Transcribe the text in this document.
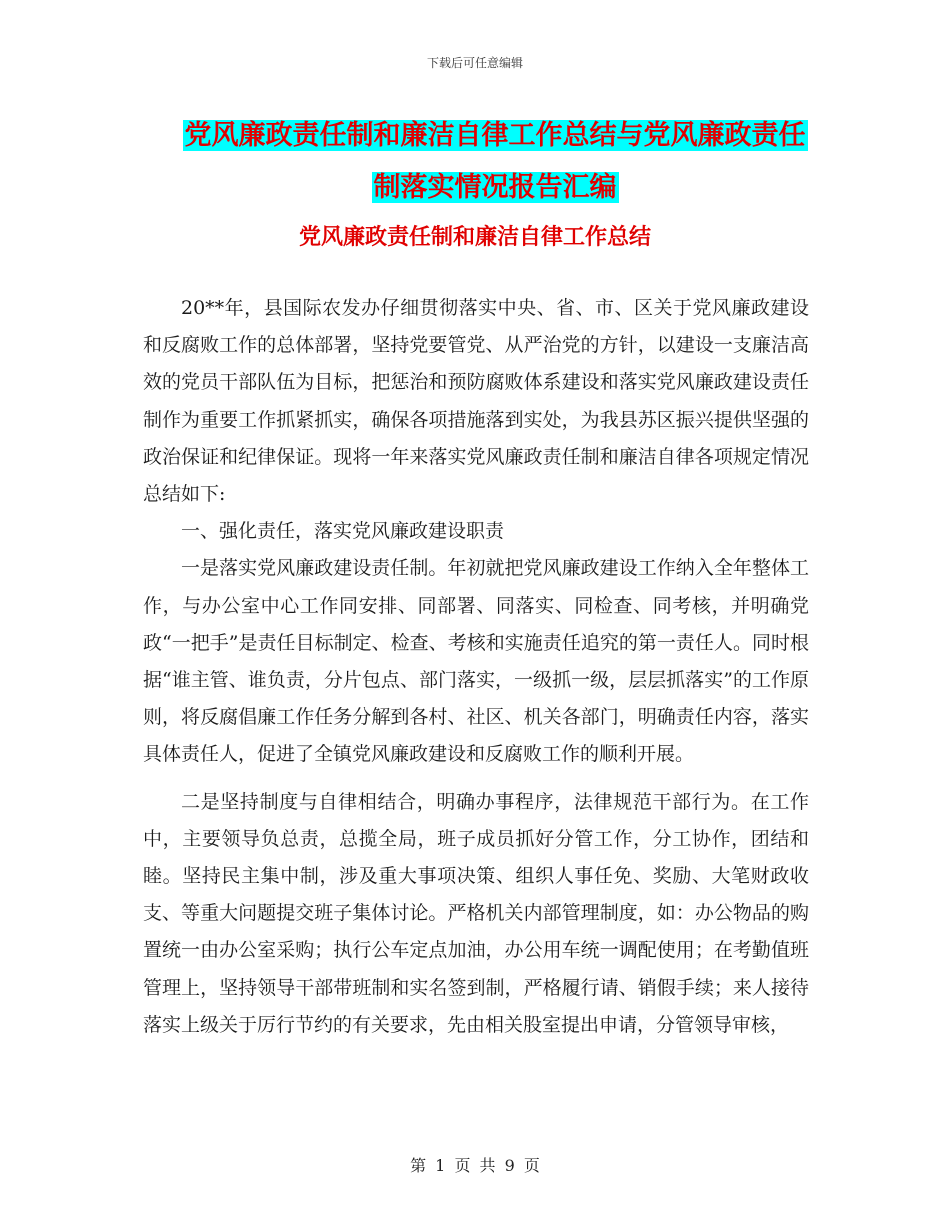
下载后可任意编辑
党风廉政责任制和廉洁自律工作总结与党风廉政责任
制落实情况报告汇编
党风廉政责任制和廉洁自律工作总结

20**年，县国际农发办仔细贯彻落实中央、省、市、区关于党风廉政建设和反腐败工作的总体部署，坚持党要管党、从严治党的方针，以建设一支廉洁高效的党员干部队伍为目标，把惩治和预防腐败体系建设和落实党风廉政建设责任制作为重要工作抓紧抓实，确保各项措施落到实处，为我县苏区振兴提供坚强的政治保证和纪律保证。现将一年来落实党风廉政责任制和廉洁自律各项规定情况总结如下:

一、强化责任，落实党风廉政建设职责

一是落实党风廉政建设责任制。年初就把党风廉政建设工作纳入全年整体工作，与办公室中心工作同安排、同部署、同落实、同检查、同考核，并明确党政“一把手”是责任目标制定、检查、考核和实施责任追究的第一责任人。同时根据“谁主管、谁负责，分片包点、部门落实，一级抓一级，层层抓落实”的工作原则，将反腐倡廉工作任务分解到各村、社区、机关各部门，明确责任内容，落实具体责任人，促进了全镇党风廉政建设和反腐败工作的顺利开展。

二是坚持制度与自律相结合，明确办事程序，法律规范干部行为。在工作中，主要领导负总责，总揽全局，班子成员抓好分管工作，分工协作，团结和睦。坚持民主集中制，涉及重大事项决策、组织人事任免、奖励、大笔财政收支、等重大问题提交班子集体讨论。严格机关内部管理制度，如：办公物品的购置统一由办公室采购；执行公车定点加油，办公用车统一调配使用；在考勤值班管理上，坚持领导干部带班制和实名签到制，严格履行请、销假手续；来人接待落实上级关于厉行节约的有关要求，先由相关股室提出申请，分管领导审核，

第 1 页 共 9 页
